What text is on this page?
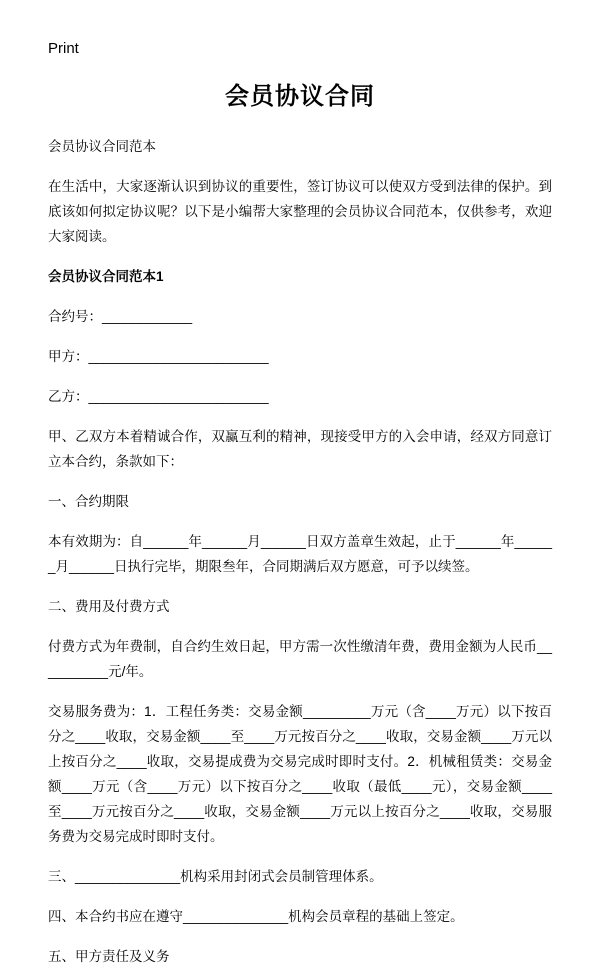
Print
会员协议合同

会员协议合同范本

在生活中，大家逐渐认识到协议的重要性，签订协议可以使双方受到法律的保护。到底该如何拟定协议呢？以下是小编帮大家整理的会员协议合同范本，仅供参考，欢迎大家阅读。

会员协议合同范本1

合约号：____________

甲方：________________________

乙方：________________________

甲、乙双方本着精诚合作，双赢互利的精神，现接受甲方的入会申请，经双方同意订立本合约，条款如下：

一、合约期限

本有效期为：自______年______月______日双方盖章生效起，止于______年______月______日执行完毕，期限叁年，合同期满后双方愿意，可予以续签。

二、费用及付费方式

付费方式为年费制，自合约生效日起，甲方需一次性缴清年费，费用金额为人民币__________元/年。

交易服务费为：1．工程任务类：交易金额_________万元（含____万元）以下按百分之____收取，交易金额____至____万元按百分之____收取，交易金额____万元以上按百分之____收取，交易提成费为交易完成时即时支付。2．机械租赁类：交易金额____万元（含____万元）以下按百分之____收取（最低____元），交易金额____至____万元按百分之____收取，交易金额____万元以上按百分之____收取，交易服务费为交易完成时即时支付。

三、______________机构采用封闭式会员制管理体系。

四、本合约书应在遵守______________机构会员章程的基础上签定。

五、甲方责任及义务
